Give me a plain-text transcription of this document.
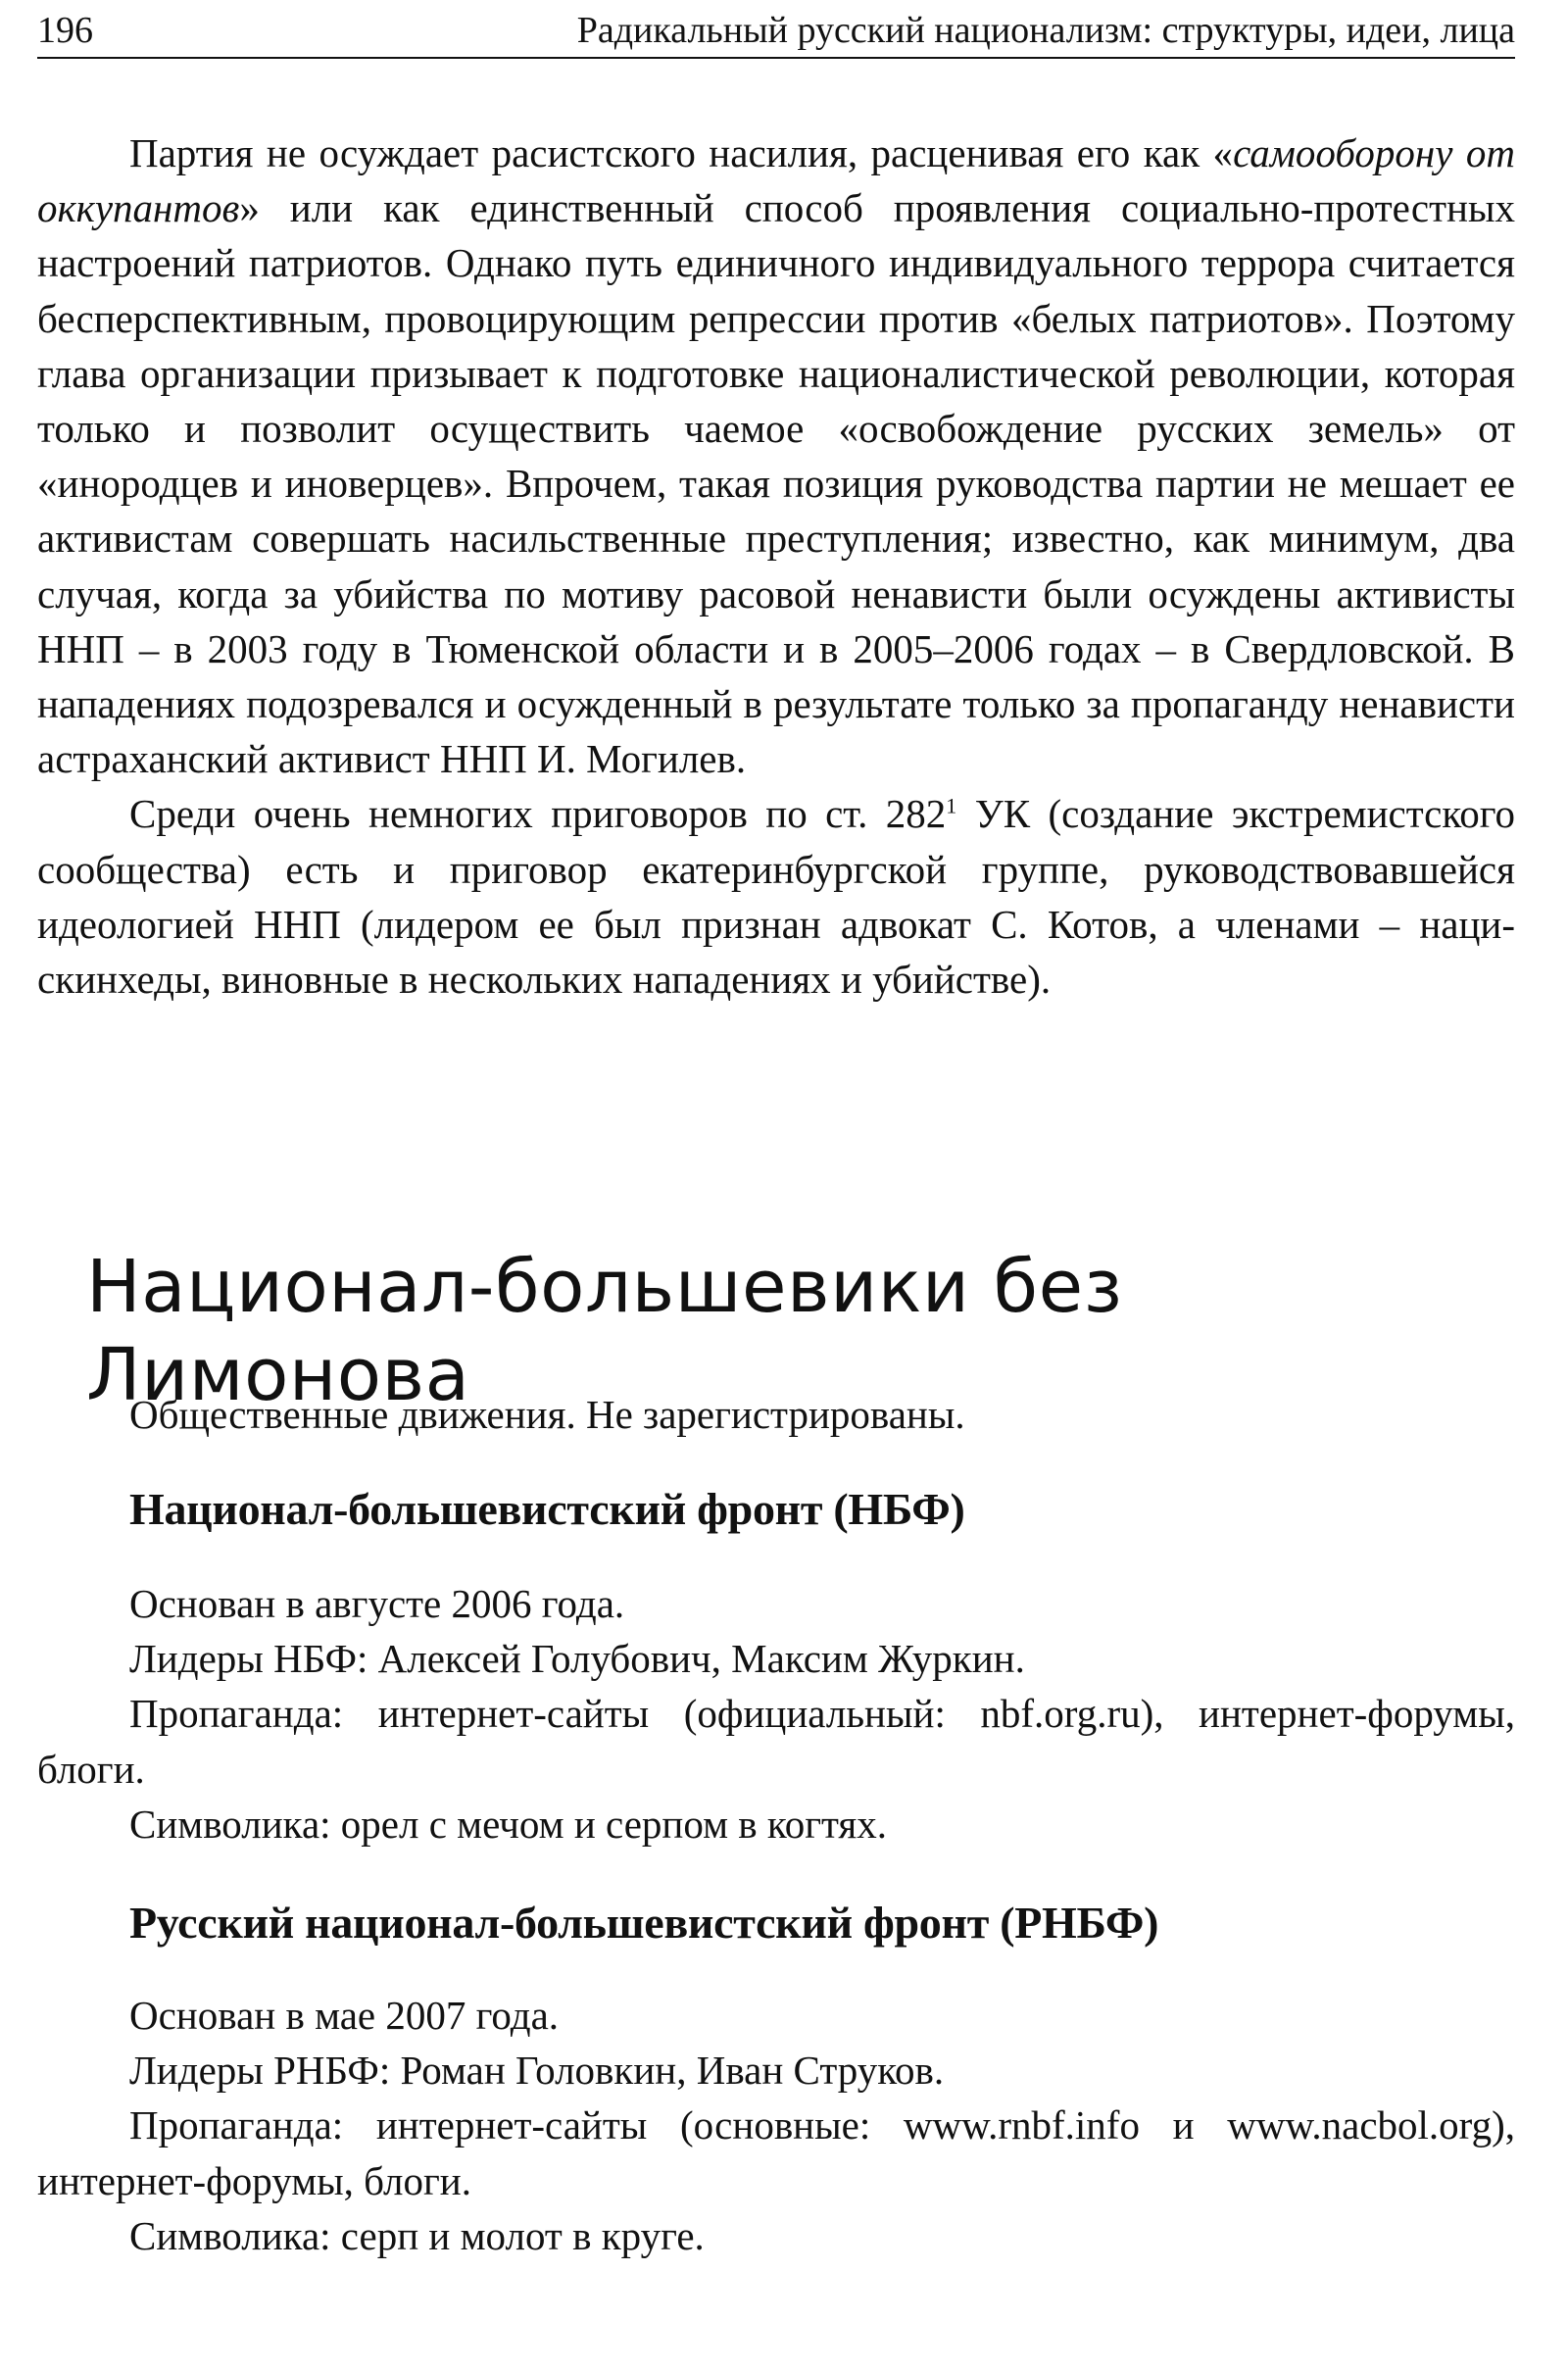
196	Радикальный русский национализм: структуры, идеи, лица

Партия не осуждает расистского насилия, расценивая его как «самооборону от оккупантов» или как единственный способ проявления социально-протестных настроений патриотов. Однако путь единичного индивидуального террора считается бесперспективным, провоцирующим репрессии против «белых патриотов». Поэтому глава организации призывает к подготовке националистической революции, которая только и позволит осуществить чаемое «освобождение русских земель» от «инородцев и иноверцев». Впрочем, такая позиция руководства партии не мешает ее активистам совершать насильственные преступления; известно, как минимум, два случая, когда за убийства по мотиву расовой ненависти были осуждены активисты ННП – в 2003 году в Тюменской области и в 2005–2006 годах – в Свердловской. В нападениях подозревался и осужденный в результате только за пропаганду ненависти астраханский активист ННП И. Могилев.

Среди очень немногих приговоров по ст. $282^1$ УК (создание экстремистского сообщества) есть и приговор екатеринбургской группе, руководствовавшейся идеологией ННП (лидером ее был признан адвокат С. Котов, а членами – наци-скинхеды, виновные в нескольких нападениях и убийстве).

Национал-большевики без Лимонова

Общественные движения. Не зарегистрированы.

Национал-большевистский фронт (НБФ)

Основан в августе 2006 года.

Лидеры НБФ: Алексей Голубович, Максим Журкин.

Пропаганда: интернет-сайты (официальный: nbf.org.ru), интернет-форумы, блоги.

Символика: орел с мечом и серпом в когтях.

Русский национал-большевистский фронт (РНБФ)

Основан в мае 2007 года.

Лидеры РНБФ: Роман Головкин, Иван Струков.

Пропаганда: интернет-сайты (основные: www.rnbf.info и www.nacbol.org), интернет-форумы, блоги.

Символика: серп и молот в круге.
